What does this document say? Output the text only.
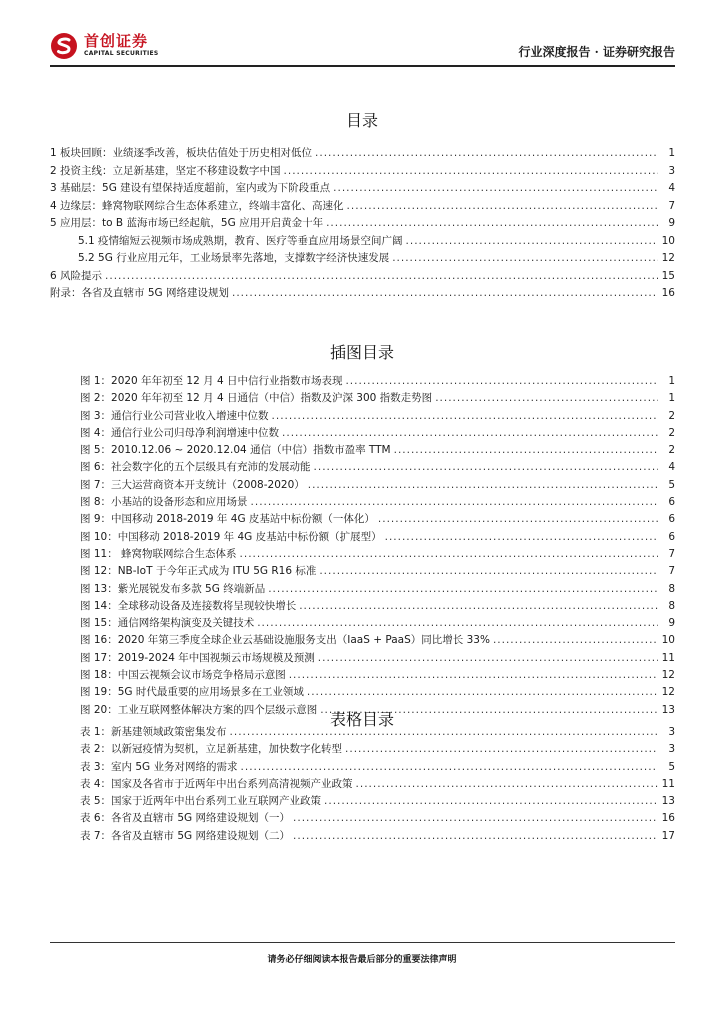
首创证券
CAPITAL SECURITIES	行业深度报告 · 证券研究报告
目录
1 板块回顾：业绩逐季改善，板块估值处于历史相对低位 .....	1
2 投资主线：立足新基建，坚定不移建设数字中国 .....	3
3 基础层：5G 建设有望保持适度超前，室内或为下阶段重点 .....	4
4 边缘层：蜂窝物联网综合生态体系建立，终端丰富化、高速化 .....	7
5 应用层：to B 蓝海市场已经起航，5G 应用开启黄金十年 .....	9
5.1 疫情缩短云视频市场成熟期，教育、医疗等垂直应用场景空间广阔 .....	10
5.2 5G 行业应用元年，工业场景率先落地，支撑数字经济快速发展 .....	12
6 风险提示 .....	15
附录：各省及直辖市 5G 网络建设规划 .....	16
插图目录
图 1：2020 年年初至 12 月 4 日中信行业指数市场表现 .....	1
图 2：2020 年年初至 12 月 4 日通信（中信）指数及沪深 300 指数走势图 .....	1
图 3：通信行业公司营业收入增速中位数 .....	2
图 4：通信行业公司归母净利润增速中位数 .....	2
图 5：2010.12.06 ~ 2020.12.04 通信（中信）指数市盈率 TTM .....	2
图 6：社会数字化的五个层级具有充沛的发展动能 .....	4
图 7：三大运营商资本开支统计（2008-2020） .....	5
图 8：小基站的设备形态和应用场景 .....	6
图 9：中国移动 2018-2019 年 4G 皮基站中标份额（一体化） .....	6
图 10：中国移动 2018-2019 年 4G 皮基站中标份额（扩展型） .....	6
图 11： 蜂窝物联网综合生态体系 .....	7
图 12：NB-IoT 于今年正式成为 ITU 5G R16 标准 .....	7
图 13：紫光展锐发布多款 5G 终端新品 .....	8
图 14：全球移动设备及连接数将呈现较快增长 .....	8
图 15：通信网络架构演变及关键技术 .....	9
图 16：2020 年第三季度全球企业云基础设施服务支出（IaaS + PaaS）同比增长 33% .....	10
图 17：2019-2024 年中国视频云市场规模及预测 .....	11
图 18：中国云视频会议市场竞争格局示意图 .....	12
图 19：5G 时代最重要的应用场景多在工业领域 .....	12
图 20：工业互联网整体解决方案的四个层级示意图 .....	13
表格目录
表 1：新基建领域政策密集发布 .....	3
表 2：以新冠疫情为契机，立足新基建，加快数字化转型 .....	3
表 3：室内 5G 业务对网络的需求 .....	5
表 4：国家及各省市于近两年中出台系列高清视频产业政策 .....	11
表 5：国家于近两年中出台系列工业互联网产业政策 .....	13
表 6：各省及直辖市 5G 网络建设规划（一） .....	16
表 7：各省及直辖市 5G 网络建设规划（二） .....	17
请务必仔细阅读本报告最后部分的重要法律声明
